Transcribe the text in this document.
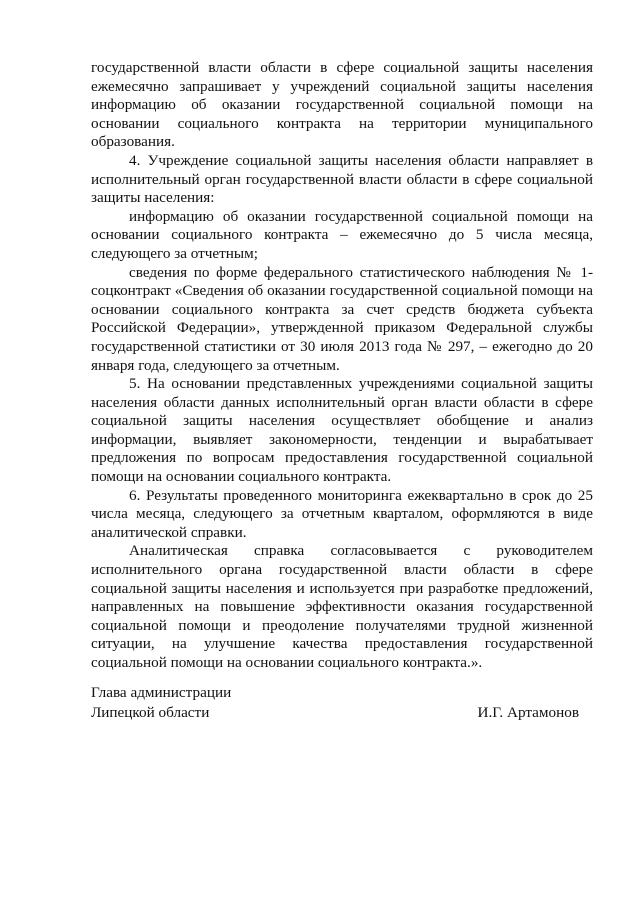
государственной власти области в сфере социальной защиты населения ежемесячно запрашивает у учреждений социальной защиты населения информацию об оказании государственной социальной помощи на основании социального контракта на территории муниципального образования.

4. Учреждение социальной защиты населения области направляет в исполнительный орган государственной власти области в сфере социальной защиты населения:

информацию об оказании государственной социальной помощи на основании социального контракта – ежемесячно до 5 числа месяца, следующего за отчетным;

сведения по форме федерального статистического наблюдения № 1-соцконтракт «Сведения об оказании государственной социальной помощи на основании социального контракта за счет средств бюджета субъекта Российской Федерации», утвержденной приказом Федеральной службы государственной статистики от 30 июля 2013 года № 297, – ежегодно до 20 января года, следующего за отчетным.

5. На основании представленных учреждениями социальной защиты населения области данных исполнительный орган власти области в сфере социальной защиты населения осуществляет обобщение и анализ информации, выявляет закономерности, тенденции и вырабатывает предложения по вопросам предоставления государственной социальной помощи на основании социального контракта.

6. Результаты проведенного мониторинга ежеквартально в срок до 25 числа месяца, следующего за отчетным кварталом, оформляются в виде аналитической справки.

Аналитическая справка согласовывается с руководителем исполнительного органа государственной власти области в сфере социальной защиты населения и используется при разработке предложений, направленных на повышение эффективности оказания государственной социальной помощи и преодоление получателями трудной жизненной ситуации, на улучшение качества предоставления государственной социальной помощи на основании социального контракта.».

Глава администрации
Липецкой области	И.Г. Артамонов
